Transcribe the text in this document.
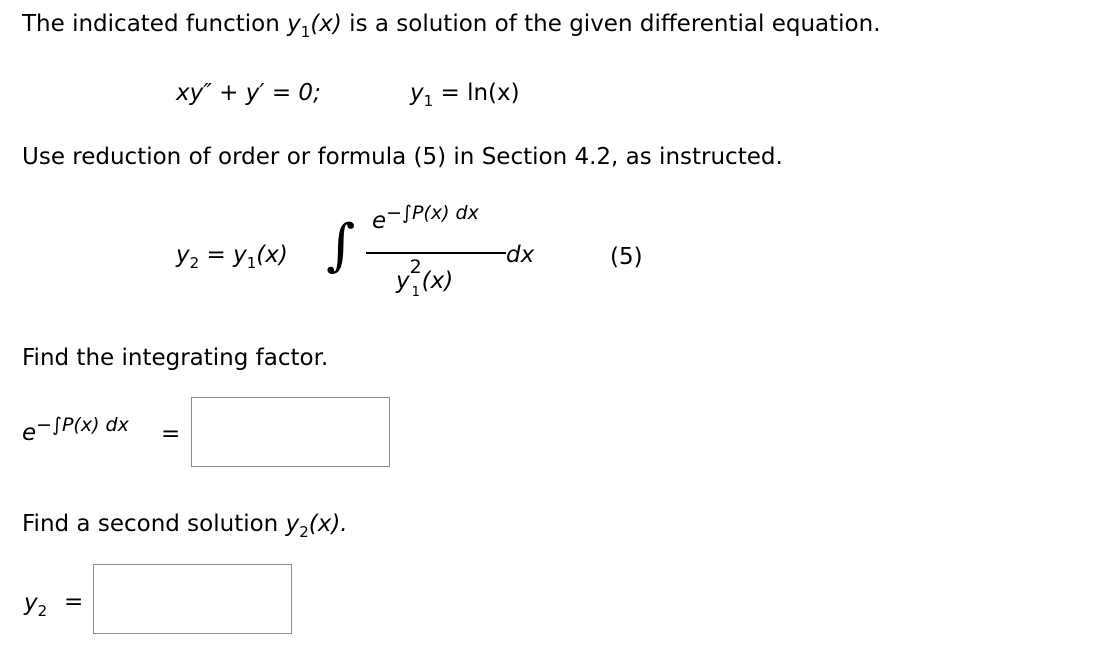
The indicated function $y_1(x)$ is a solution of the given differential equation.
xy″ + y′ = 0;	$y_1 = \ln(x)$
Use reduction of order or formula (5) in Section 4.2, as instructed.
$y_2 = y_1(x)$ ∫ $e^{-\int P(x) dx}$
y
2
1 (x)
dx	(5)
Find the integrating factor.
$e^{-\int P(x) dx}$ =
Find a second solution $y_2(x)$.
$y_2$ =
